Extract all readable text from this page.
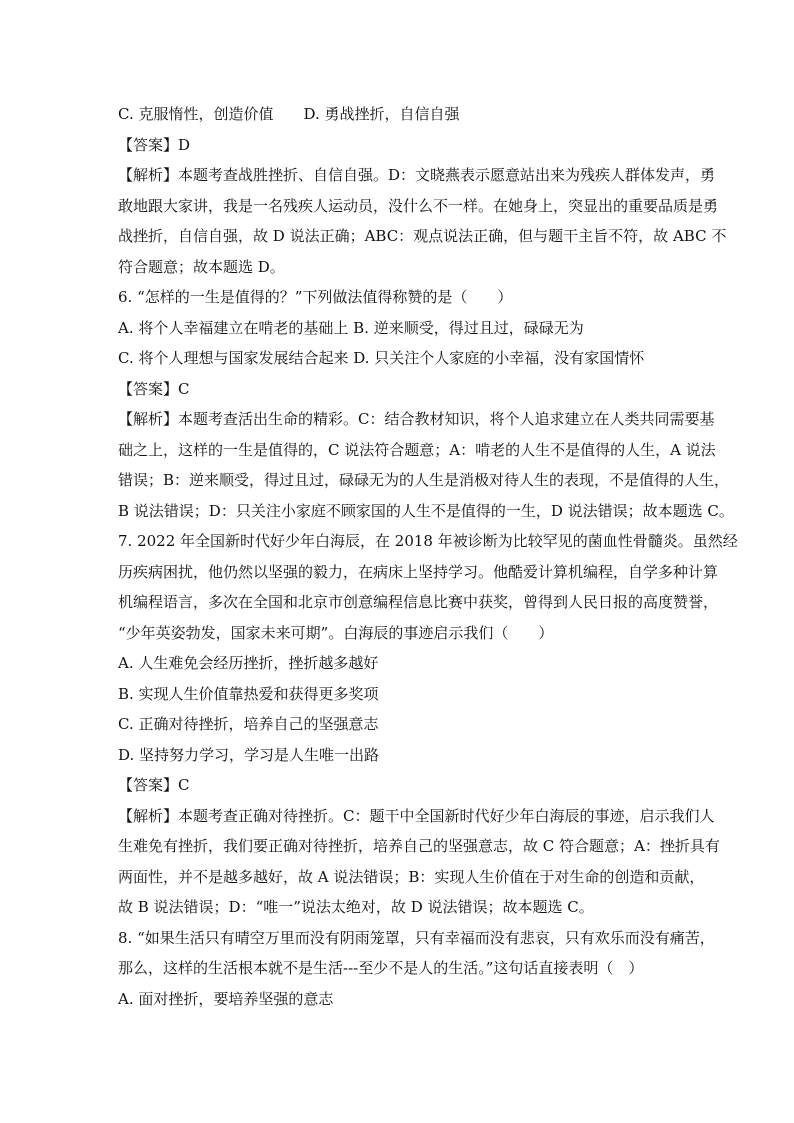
C. 克服惰性，创造价值　　D. 勇战挫折，自信自强
【答案】D
【解析】本题考查战胜挫折、自信自强。D：文晓燕表示愿意站出来为残疾人群体发声，勇
敢地跟大家讲，我是一名残疾人运动员，没什么不一样。在她身上，突显出的重要品质是勇
战挫折，自信自强，故 D 说法正确；ABC：观点说法正确，但与题干主旨不符，故 ABC 不
符合题意；故本题选 D。
6. “怎样的一生是值得的？”下列做法值得称赞的是（　　）
A. 将个人幸福建立在啃老的基础上 B. 逆来顺受，得过且过，碌碌无为
C. 将个人理想与国家发展结合起来 D. 只关注个人家庭的小幸福，没有家国情怀
【答案】C
【解析】本题考查活出生命的精彩。C：结合教材知识，将个人追求建立在人类共同需要基
础之上，这样的一生是值得的，C 说法符合题意；A：啃老的人生不是值得的人生，A 说法
错误；B：逆来顺受，得过且过，碌碌无为的人生是消极对待人生的表现，不是值得的人生，
B 说法错误；D：只关注小家庭不顾家国的人生不是值得的一生，D 说法错误；故本题选 C。
7. 2022 年全国新时代好少年白海辰，在 2018 年被诊断为比较罕见的菌血性骨髓炎。虽然经
历疾病困扰，他仍然以坚强的毅力，在病床上坚持学习。他酷爱计算机编程，自学多种计算
机编程语言，多次在全国和北京市创意编程信息比赛中获奖，曾得到人民日报的高度赞誉，
“少年英姿勃发，国家未来可期”。白海辰的事迹启示我们（　　）
A. 人生难免会经历挫折，挫折越多越好
B. 实现人生价值靠热爱和获得更多奖项
C. 正确对待挫折，培养自己的坚强意志
D. 坚持努力学习，学习是人生唯一出路
【答案】C
【解析】本题考查正确对待挫折。C：题干中全国新时代好少年白海辰的事迹，启示我们人
生难免有挫折，我们要正确对待挫折，培养自己的坚强意志，故 C 符合题意；A：挫折具有
两面性，并不是越多越好，故 A 说法错误；B：实现人生价值在于对生命的创造和贡献，
故 B 说法错误；D：“唯一”说法太绝对，故 D 说法错误；故本题选 C。
8. “如果生活只有晴空万里而没有阴雨笼罩，只有幸福而没有悲哀，只有欢乐而没有痛苦，
那么，这样的生活根本就不是生活---至少不是人的生活。”这句话直接表明（　）
A. 面对挫折，要培养坚强的意志
